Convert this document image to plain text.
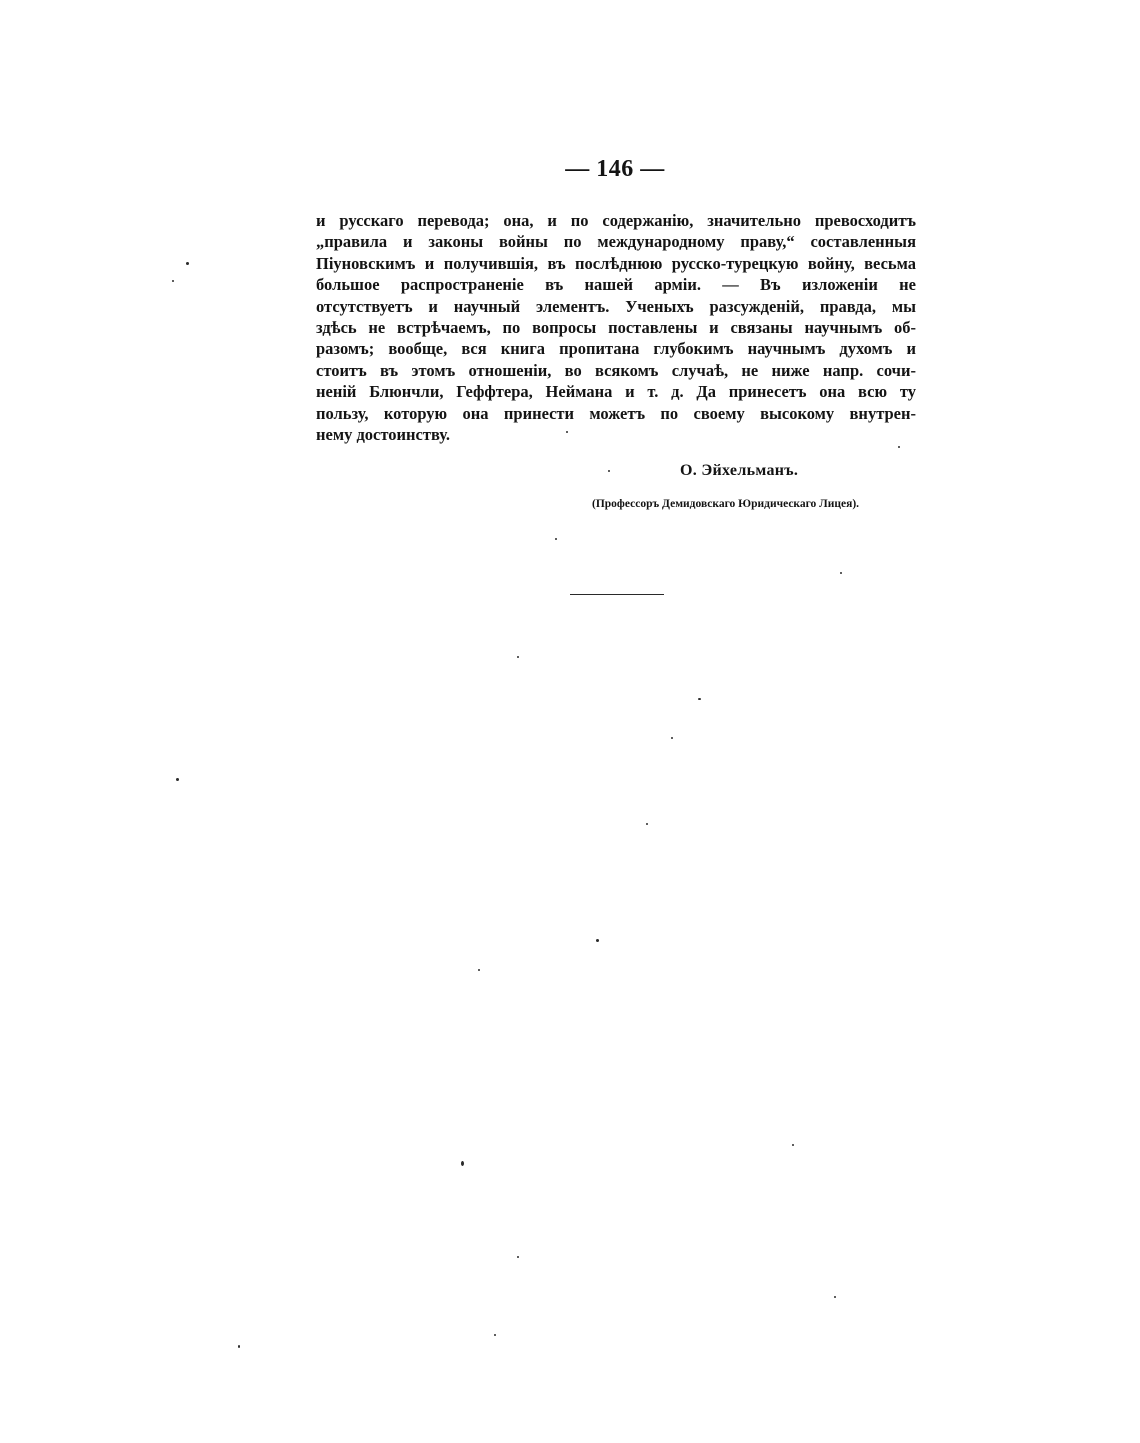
— 146 —
и русскаго перевода; она, и по содержанію, значительно превосходитъ
„правила и законы войны по международному праву,“ составленныя
Піуновскимъ и получившія, въ послѣднюю русско-турецкую войну, весьма
большое распространеніе въ нашей арміи. — Въ изложеніи не
отсутствуетъ и научный элементъ. Ученыхъ разсужденій, правда, мы
здѣсь не встрѣчаемъ, по вопросы поставлены и связаны научнымъ об-
разомъ; вообще, вся книга пропитана глубокимъ научнымъ духомъ и
стоитъ въ этомъ отношеніи, во всякомъ случаѣ, не ниже напр. сочи-
неній Блюнчли, Геффтера, Неймана и т. д. Да принесетъ она всю ту
пользу, которую она принести можетъ по своему высокому внутрен-
нему достоинству.
О. Эйхельманъ.
(Профессоръ Демидовскаго Юридическаго Лицея).
